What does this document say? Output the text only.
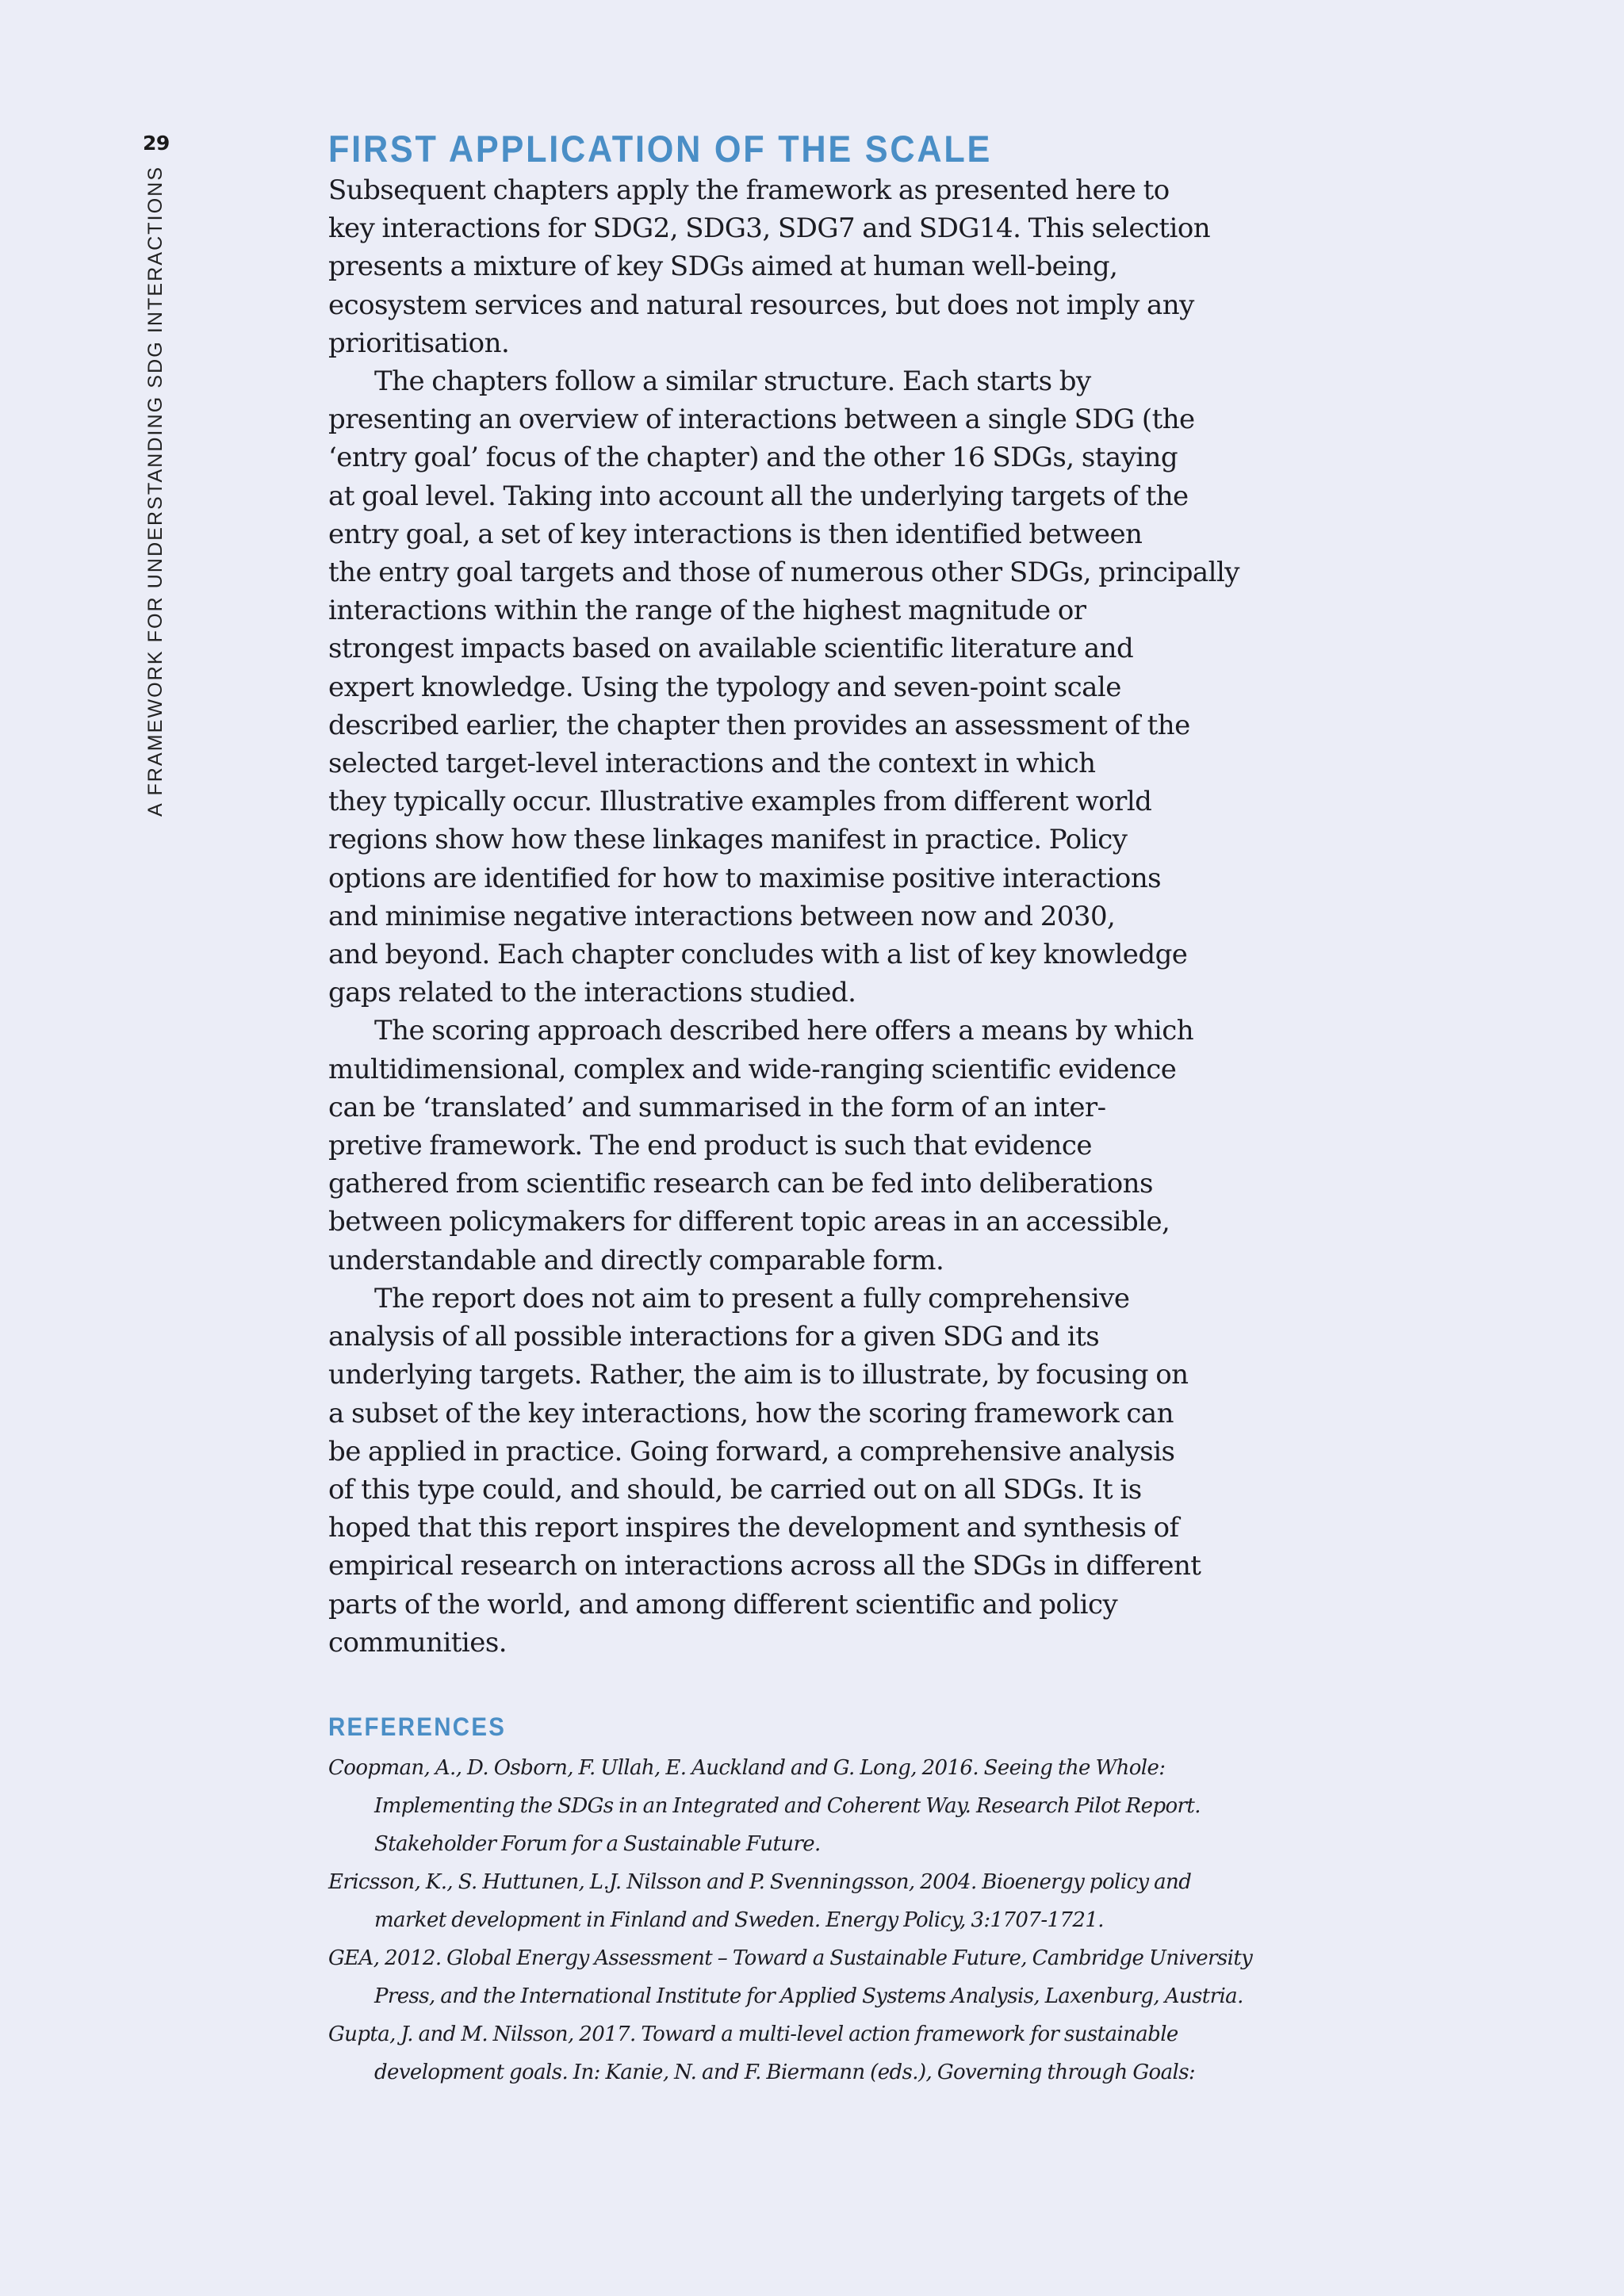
29
A FRAMEWORK FOR UNDERSTANDING SDG INTERACTIONS
FIRST APPLICATION OF THE SCALE

Subsequent chapters apply the framework as presented here to
key interactions for SDG2, SDG3, SDG7 and SDG14. This selection
presents a mixture of key SDGs aimed at human well-being,
ecosystem services and natural resources, but does not imply any
prioritisation.

The chapters follow a similar structure. Each starts by
presenting an overview of interactions between a single SDG (the
‘entry goal’ focus of the chapter) and the other 16 SDGs, staying
at goal level. Taking into account all the underlying targets of the
entry goal, a set of key interactions is then identified between
the entry goal targets and those of numerous other SDGs, principally
interactions within the range of the highest magnitude or
strongest impacts based on available scientific literature and
expert knowledge. Using the typology and seven-point scale
described earlier, the chapter then provides an assessment of the
selected target-level interactions and the context in which
they typically occur. Illustrative examples from different world
regions show how these linkages manifest in practice. Policy
options are identified for how to maximise positive interactions
and minimise negative interactions between now and 2030,
and beyond. Each chapter concludes with a list of key knowledge
gaps related to the interactions studied.

The scoring approach described here offers a means by which
multidimensional, complex and wide-ranging scientific evidence
can be ‘translated’ and summarised in the form of an inter-
pretive framework. The end product is such that evidence
gathered from scientific research can be fed into deliberations
between policymakers for different topic areas in an accessible,
understandable and directly comparable form.

The report does not aim to present a fully comprehensive
analysis of all possible interactions for a given SDG and its
underlying targets. Rather, the aim is to illustrate, by focusing on
a subset of the key interactions, how the scoring framework can
be applied in practice. Going forward, a comprehensive analysis
of this type could, and should, be carried out on all SDGs. It is
hoped that this report inspires the development and synthesis of
empirical research on interactions across all the SDGs in different
parts of the world, and among different scientific and policy
communities.

REFERENCES
Coopman, A., D. Osborn, F. Ullah, E. Auckland and G. Long, 2016. Seeing the Whole:
Implementing the SDGs in an Integrated and Coherent Way. Research Pilot Report.
Stakeholder Forum for a Sustainable Future.
Ericsson, K., S. Huttunen, L.J. Nilsson and P. Svenningsson, 2004. Bioenergy policy and
market development in Finland and Sweden. Energy Policy, 3:1707-1721.
GEA, 2012. Global Energy Assessment – Toward a Sustainable Future, Cambridge University
Press, and the International Institute for Applied Systems Analysis, Laxenburg, Austria.
Gupta, J. and M. Nilsson, 2017. Toward a multi-level action framework for sustainable
development goals. In: Kanie, N. and F. Biermann (eds.), Governing through Goals:
